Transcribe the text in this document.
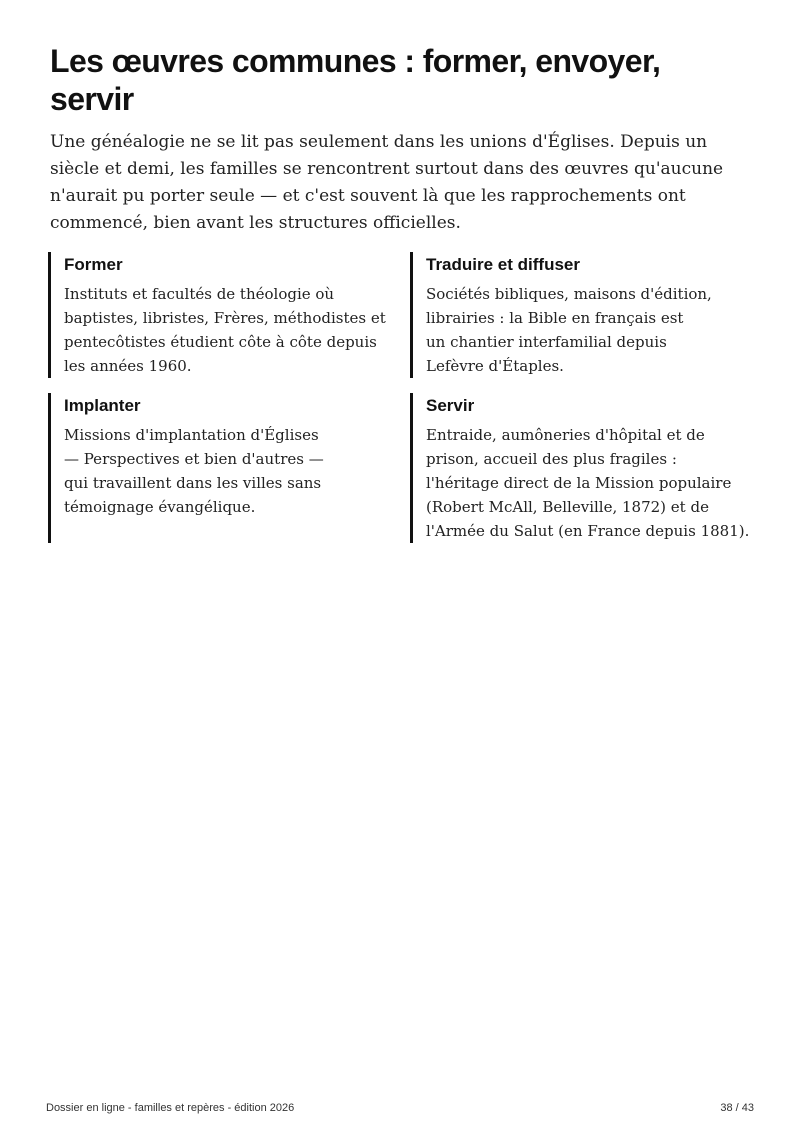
Les œuvres communes : former, envoyer, servir

Une généalogie ne se lit pas seulement dans les unions d'Églises. Depuis un siècle et demi, les familles se rencontrent surtout dans des œuvres qu'aucune n'aurait pu porter seule — et c'est souvent là que les rapprochements ont commencé, bien avant les structures officielles.

Former

Instituts et facultés de théologie où
baptistes, libristes, Frères, méthodistes et
pentecôtistes étudient côte à côte depuis
les années 1960.

Traduire et diffuser

Sociétés bibliques, maisons d'édition,
librairies : la Bible en français est
un chantier interfamilial depuis
Lefèvre d'Étaples.

Implanter

Missions d'implantation d'Églises
— Perspectives et bien d'autres —
qui travaillent dans les villes sans
témoignage évangélique.

Servir

Entraide, aumôneries d'hôpital et de
prison, accueil des plus fragiles :
l'héritage direct de la Mission populaire
(Robert McAll, Belleville, 1872) et de
l'Armée du Salut (en France depuis 1881).

Dossier en ligne - familles et repères - édition 2026	38 / 43
